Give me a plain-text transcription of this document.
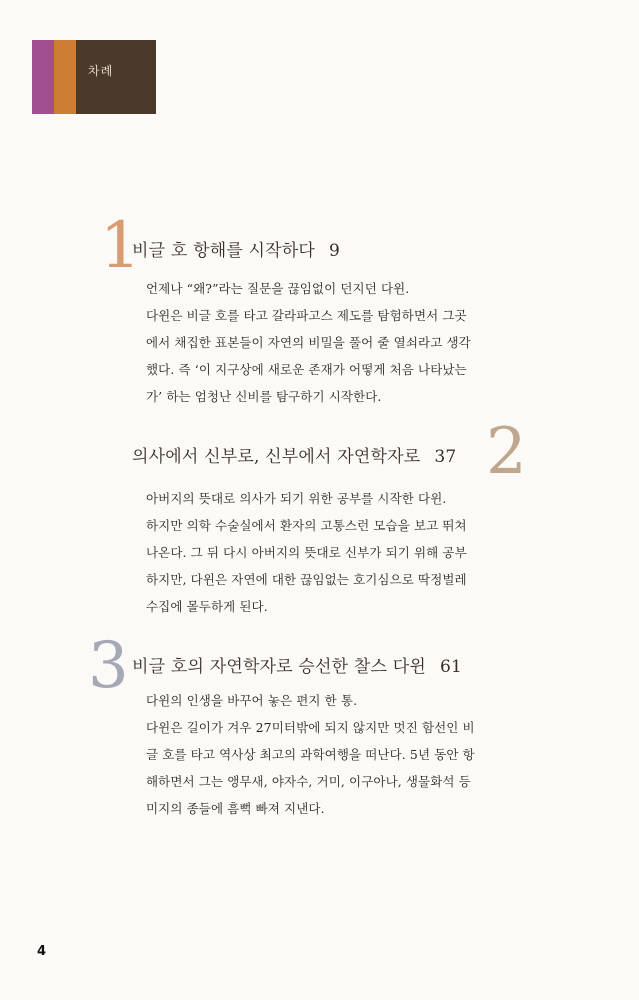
차례
1
비글 호 항해를 시작하다 9

언제나 “왜?”라는 질문을 끊임없이 던지던 다윈.

다윈은 비글 호를 타고 갈라파고스 제도를 탐험하면서 그곳에서 채집한 표본들이 자연의 비밀을 풀어 줄 열쇠라고 생각했다. 즉 ‘이 지구상에 새로운 존재가 어떻게 처음 나타났는가’ 하는 엄청난 신비를 탐구하기 시작한다.

의사에서 신부로, 신부에서 자연학자로 37 2

아버지의 뜻대로 의사가 되기 위한 공부를 시작한 다윈.

하지만 의학 수술실에서 환자의 고통스런 모습을 보고 뛰쳐나온다. 그 뒤 다시 아버지의 뜻대로 신부가 되기 위해 공부하지만, 다윈은 자연에 대한 끊임없는 호기심으로 딱정벌레 수집에 몰두하게 된다.

3 비글 호의 자연학자로 승선한 찰스 다윈 61

다윈의 인생을 바꾸어 놓은 편지 한 통.

다윈은 길이가 겨우 27미터밖에 되지 않지만 멋진 함선인 비글 호를 타고 역사상 최고의 과학여행을 떠난다. 5년 동안 항해하면서 그는 앵무새, 야자수, 거미, 이구아나, 생물화석 등 미지의 종들에 흠뻑 빠져 지낸다.

4
